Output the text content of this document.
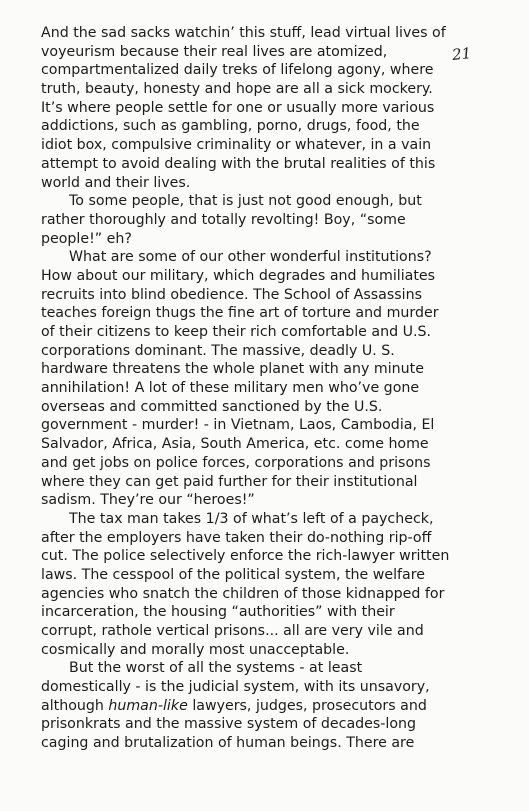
21
And the sad sacks watchin’ this stuff, lead virtual lives of
voyeurism because their real lives are atomized,
compartmentalized daily treks of lifelong agony, where
truth, beauty, honesty and hope are all a sick mockery.
It’s where people settle for one or usually more various
addictions, such as gambling, porno, drugs, food, the
idiot box, compulsive criminality or whatever, in a vain
attempt to avoid dealing with the brutal realities of this
world and their lives.
To some people, that is just not good enough, but
rather thoroughly and totally revolting! Boy, “some
people!” eh?
What are some of our other wonderful institutions?
How about our military, which degrades and humiliates
recruits into blind obedience. The School of Assassins
teaches foreign thugs the fine art of torture and murder
of their citizens to keep their rich comfortable and U.S.
corporations dominant. The massive, deadly U. S.
hardware threatens the whole planet with any minute
annihilation! A lot of these military men who’ve gone
overseas and committed sanctioned by the U.S.
government - murder! - in Vietnam, Laos, Cambodia, El
Salvador, Africa, Asia, South America, etc. come home
and get jobs on police forces, corporations and prisons
where they can get paid further for their institutional
sadism. They’re our “heroes!”
The tax man takes 1/3 of what’s left of a paycheck,
after the employers have taken their do-nothing rip-off
cut. The police selectively enforce the rich-lawyer written
laws. The cesspool of the political system, the welfare
agencies who snatch the children of those kidnapped for
incarceration, the housing “authorities” with their
corrupt, rathole vertical prisons... all are very vile and
cosmically and morally most unacceptable.
But the worst of all the systems - at least
domestically - is the judicial system, with its unsavory,
although human-like lawyers, judges, prosecutors and
prisonkrats and the massive system of decades-long
caging and brutalization of human beings. There are
